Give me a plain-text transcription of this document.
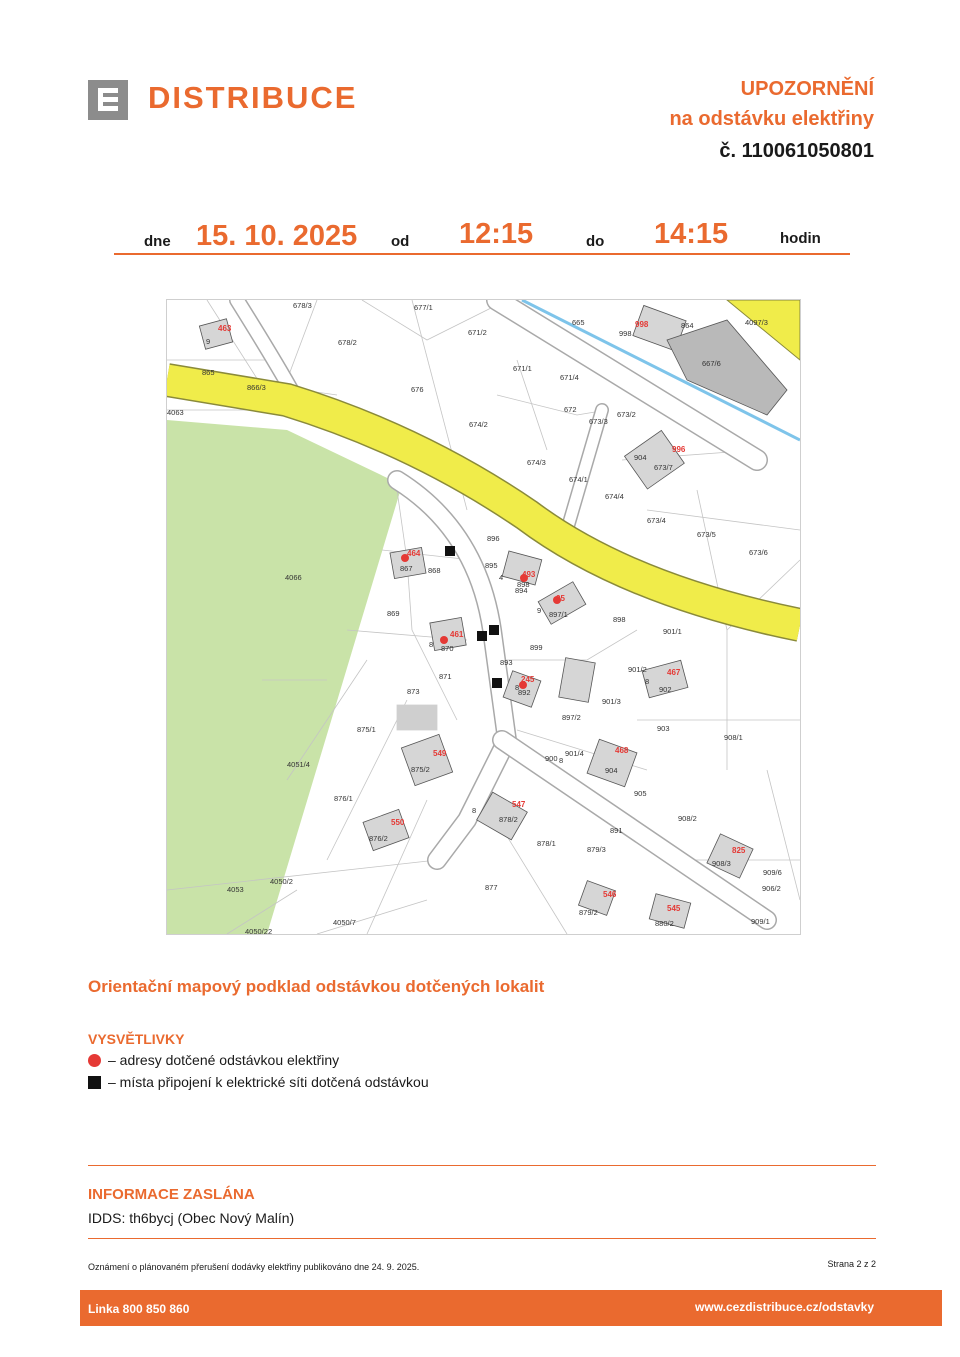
DISTRIBUCE	UPOZORNĚNÍ
na odstávku elektřiny
č. 110061050801
dne 15. 10. 2025 od 12:15	do 14:15	hodin
678/3	677/1
671/2
665	4097/3
864
678/2
671/1
671/4
667/6
865
866/3	676
4063	672
673/2
673/3
674/2
673/7
674/3
674/1
674/4
673/4
896	673/5
673/6
867 868
895
894
4066
897/1
898
869
901/1
870	899
893
901/2
871
892	902
873
901/3
897/2
903
875/1
908/1
901/4
875/2
900
904
4051/4
905
876/1
878/2	908/2
891
876/2
878/1
879/3
908/3
909/6
4053
4050/2
877	906/2
879/2
880/2	909/1
4050/7
4050/22
463	998
996
464
493
25
461
467
245
549	468
547
550
825
546
545
9
998
904
898
4
8
9
8
8
8
8
Orientační mapový podklad odstávkou dotčených lokalit
VYSVĚTLIVKY
– adresy dotčené odstávkou elektřiny
– místa připojení k elektrické síti dotčená odstávkou
INFORMACE ZASLÁNA
IDDS: th6bycj (Obec Nový Malín)
Oznámení o plánovaném přerušení dodávky elektřiny publikováno dne 24. 9. 2025.	Strana 2 z 2
Linka 800 850 860	www.cezdistribuce.cz/odstavky
